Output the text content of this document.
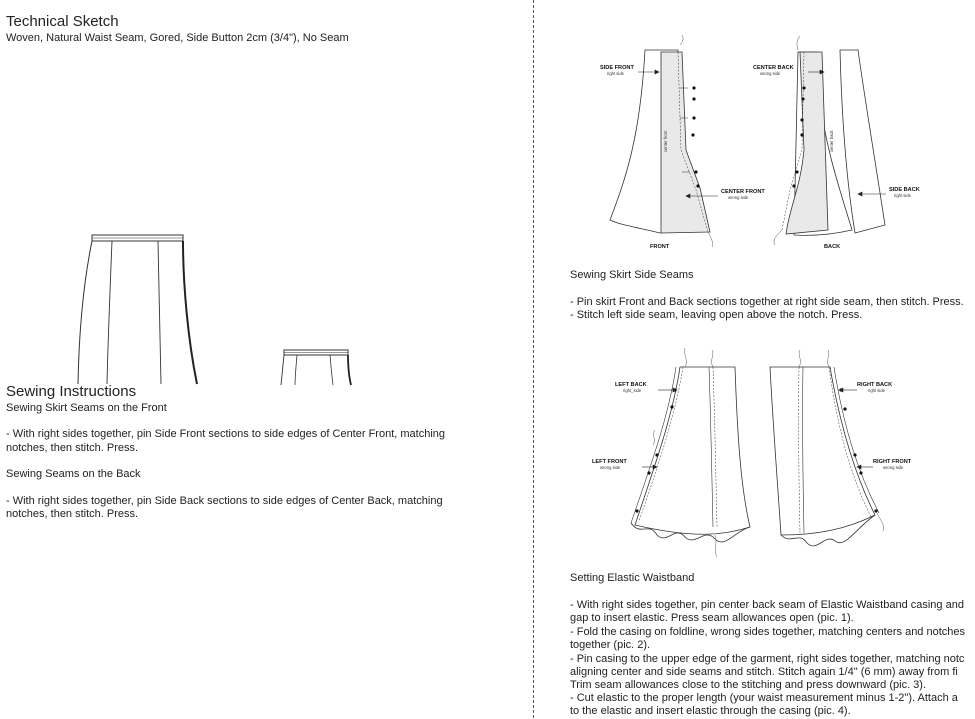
Technical Sketch
Woven, Natural Waist Seam, Gored, Side Button 2cm (3/4"), No Seam
Sewing Instructions
Sewing Skirt Seams on the Front
- With right sides together, pin Side Front sections to side edges of Center Front, matching
notches, then stitch. Press.
Sewing Seams on the Back
- With right sides together, pin Side Back sections to side edges of Center Back, matching
notches, then stitch. Press.
SIDE FRONT
right side
CENTER BACK
wrong side
center front	center back
CENTER FRONT
wrong side
SIDE BACK
right side
FRONT	BACK
Sewing Skirt Side Seams
- Pin skirt Front and Back sections together at right side seam, then stitch. Press.
- Stitch left side seam, leaving open above the notch. Press.
LEFT BACK
right_side
LEFT FRONT
wrong side
RIGHT BACK
right side
RIGHT FRONT
wrong side
Setting Elastic Waistband
- With right sides together, pin center back seam of Elastic Waistband casing and
gap to insert elastic. Press seam allowances open (pic. 1).
- Fold the casing on foldline, wrong sides together, matching centers and notches
together (pic. 2).
- Pin casing to the upper edge of the garment, right sides together, matching notc
aligning center and side seams and stitch. Stitch again 1/4" (6 mm) away from fi
Trim seam allowances close to the stitching and press downward (pic. 3).
- Cut elastic to the proper length (your waist measurement minus 1-2"). Attach a
to the elastic and insert elastic through the casing (pic. 4).
